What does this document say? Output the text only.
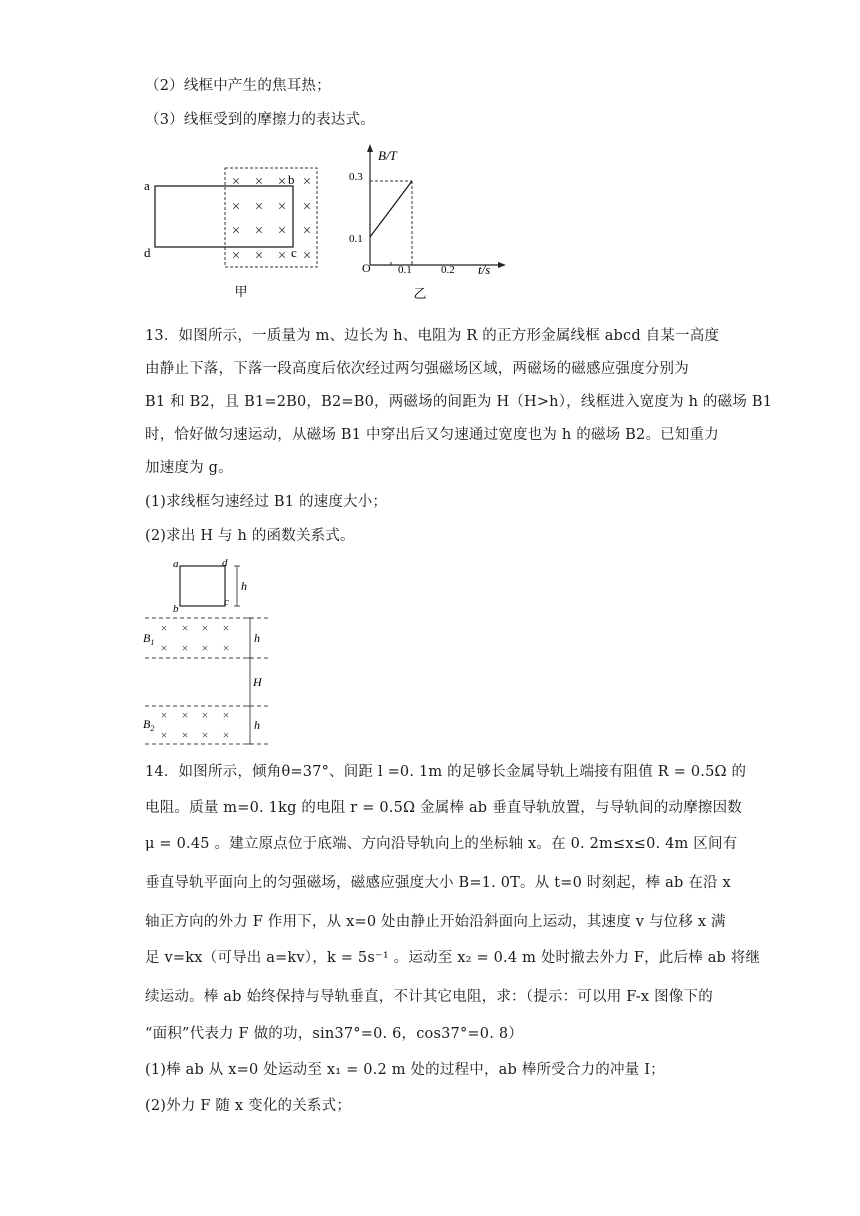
（2）线框中产生的焦耳热；
（3）线框受到的摩擦力的表达式。
× × × ×
× × × ×
× × × ×
× × × ×
a	b
c
d
甲
B/T
t/s
O
0.3
0.1
0.1	0.2
乙
13．如图所示，一质量为 m、边长为 h、电阻为 R 的正方形金属线框 abcd 自某一高度
由静止下落，下落一段高度后依次经过两匀强磁场区域，两磁场的磁感应强度分别为
B1 和 B2，且 B1=2B0，B2=B0，两磁场的间距为 H（H>h），线框进入宽度为 h 的磁场 B1
时，恰好做匀速运动，从磁场 B1 中穿出后又匀速通过宽度也为 h 的磁场 B2。已知重力
加速度为 g。
(1)求线框匀速经过 B1 的速度大小；
(2)求出 H 与 h 的函数关系式。
a	d
b
c
h
$B_1$
× × × ×
× × × ×
h
H
$B_2$
× × × ×
× × × ×
h
14．如图所示，倾角θ=37°、间距 l =0. 1m 的足够长金属导轨上端接有阻值 R = 0.5Ω 的
电阻。质量 m=0. 1kg 的电阻 r = 0.5Ω 金属棒 ab 垂直导轨放置，与导轨间的动摩擦因数
μ = 0.45 。建立原点位于底端、方向沿导轨向上的坐标轴 x。在 0. 2m≤x≤0. 4m 区间有
垂直导轨平面向上的匀强磁场，磁感应强度大小 B=1. 0T。从 t=0 时刻起，棒 ab 在沿 x
轴正方向的外力 F 作用下，从 x=0 处由静止开始沿斜面向上运动，其速度 v 与位移 x 满
足 v=kx（可导出 a=kv），k = 5s⁻¹ 。运动至 x₂ = 0.4 m 处时撤去外力 F，此后棒 ab 将继
续运动。棒 ab 始终保持与导轨垂直，不计其它电阻，求：（提示：可以用 F-x 图像下的
“面积”代表力 F 做的功，sin37°=0. 6，cos37°=0. 8）
(1)棒 ab 从 x=0 处运动至 x₁ = 0.2 m 处的过程中，ab 棒所受合力的冲量 I；
(2)外力 F 随 x 变化的关系式；
